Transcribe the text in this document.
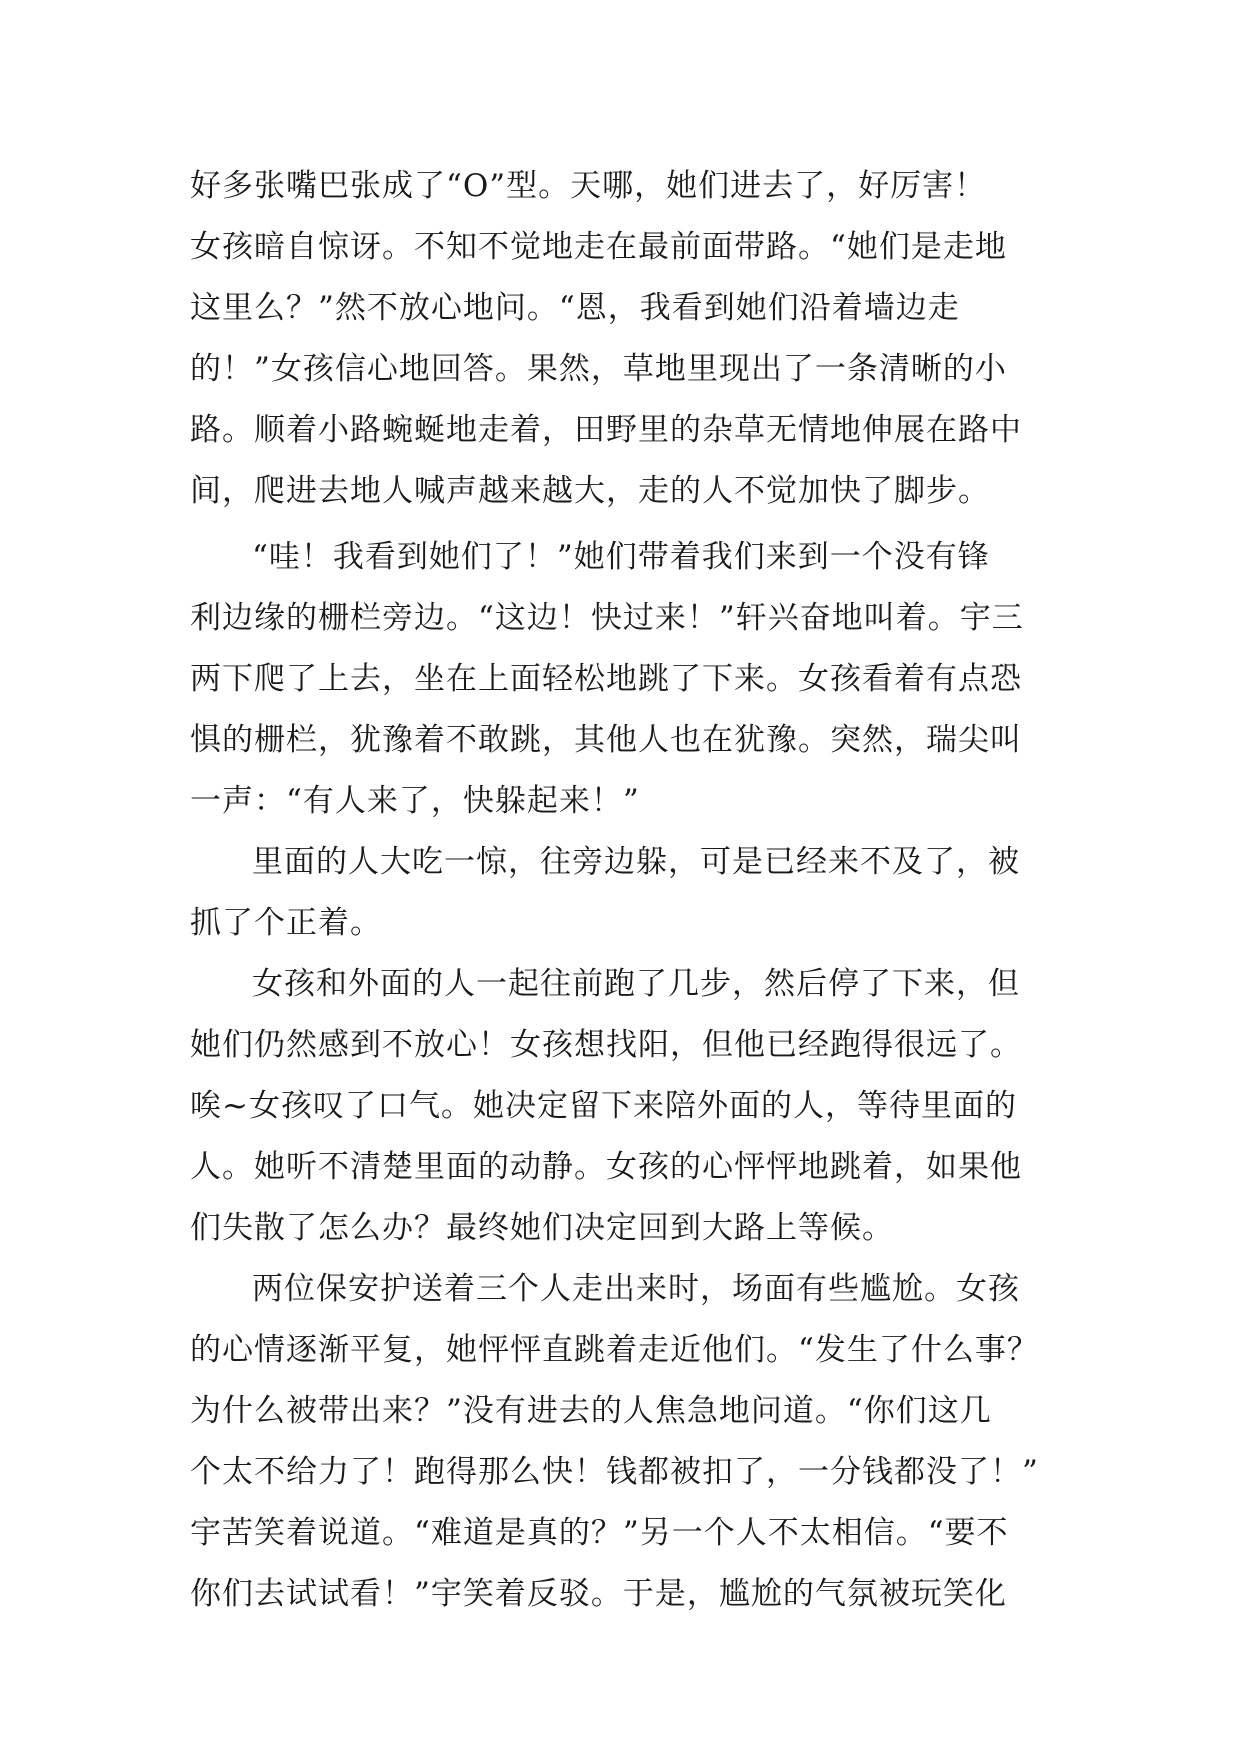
好多张嘴巴张成了“O”型。天哪，她们进去了，好厉害！
女孩暗自惊讶。不知不觉地走在最前面带路。“她们是走地
这里么？”然不放心地问。“恩，我看到她们沿着墙边走
的！”女孩信心地回答。果然，草地里现出了一条清晰的小
路。顺着小路蜿蜒地走着，田野里的杂草无情地伸展在路中
间，爬进去地人喊声越来越大，走的人不觉加快了脚步。
“哇！我看到她们了！”她们带着我们来到一个没有锋
利边缘的栅栏旁边。“这边！快过来！”轩兴奋地叫着。宇三
两下爬了上去，坐在上面轻松地跳了下来。女孩看着有点恐
惧的栅栏，犹豫着不敢跳，其他人也在犹豫。突然，瑞尖叫
一声：“有人来了，快躲起来！”
里面的人大吃一惊，往旁边躲，可是已经来不及了，被
抓了个正着。
女孩和外面的人一起往前跑了几步，然后停了下来，但
她们仍然感到不放心！女孩想找阳，但他已经跑得很远了。
唉~女孩叹了口气。她决定留下来陪外面的人，等待里面的
人。她听不清楚里面的动静。女孩的心怦怦地跳着，如果他
们失散了怎么办？最终她们决定回到大路上等候。
两位保安护送着三个人走出来时，场面有些尴尬。女孩
的心情逐渐平复，她怦怦直跳着走近他们。“发生了什么事？
为什么被带出来？”没有进去的人焦急地问道。“你们这几
个太不给力了！跑得那么快！钱都被扣了，一分钱都没了！”
宇苦笑着说道。“难道是真的？”另一个人不太相信。“要不
你们去试试看！”宇笑着反驳。于是，尴尬的气氛被玩笑化
